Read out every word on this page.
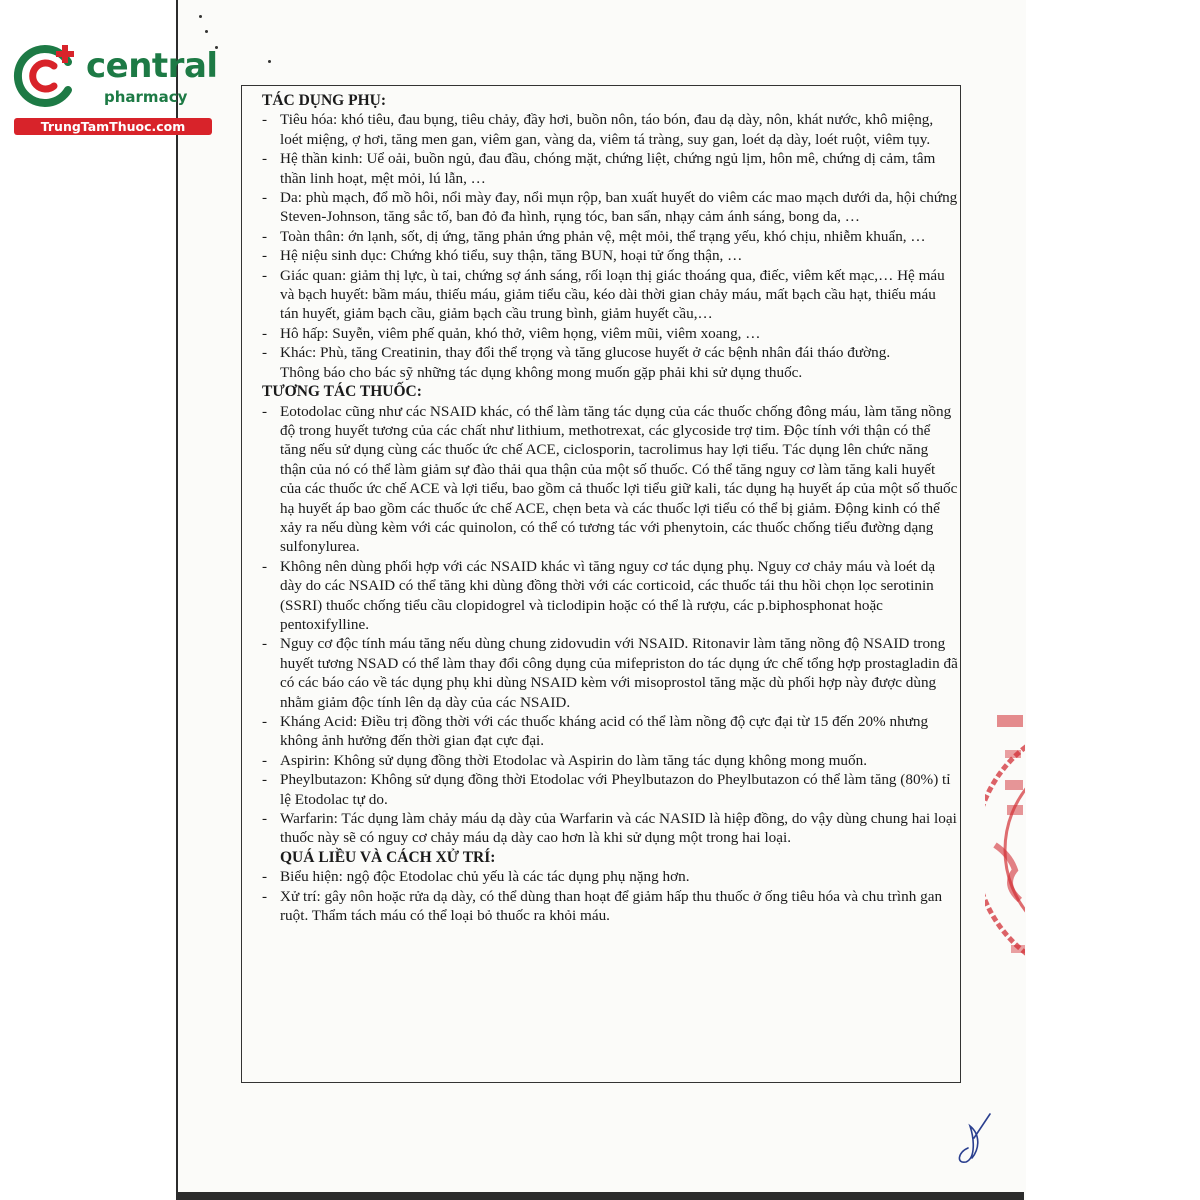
central
pharmacy
TrungTamThuoc.com
TÁC DỤNG PHỤ:
- Tiêu hóa: khó tiêu, đau bụng, tiêu chảy, đầy hơi, buồn nôn, táo bón, đau dạ dày, nôn, khát nước, khô miệng, loét miệng, ợ hơi, tăng men gan, viêm gan, vàng da, viêm tá tràng, suy gan, loét dạ dày, loét ruột, viêm tụy.
- Hệ thần kinh: Uể oải, buồn ngủ, đau đầu, chóng mặt, chứng liệt, chứng ngủ lịm, hôn mê, chứng dị cảm, tâm thần linh hoạt, mệt mỏi, lú lẫn, …
- Da: phù mạch, đổ mồ hôi, nổi mày đay, nổi mụn rộp, ban xuất huyết do viêm các mao mạch dưới da, hội chứng Steven-Johnson, tăng sắc tố, ban đỏ đa hình, rụng tóc, ban sẩn, nhạy cảm ánh sáng, bong da, …
- Toàn thân: ớn lạnh, sốt, dị ứng, tăng phản ứng phản vệ, mệt mỏi, thể trạng yếu, khó chịu, nhiễm khuẩn, …
- Hệ niệu sinh dục: Chứng khó tiểu, suy thận, tăng BUN, hoại tử ống thận, …
- Giác quan: giảm thị lực, ù tai, chứng sợ ánh sáng, rối loạn thị giác thoáng qua, điếc, viêm kết mạc,… Hệ máu và bạch huyết: bầm máu, thiếu máu, giảm tiểu cầu, kéo dài thời gian chảy máu, mất bạch cầu hạt, thiếu máu tán huyết, giảm bạch cầu, giảm bạch cầu trung bình, giảm huyết cầu,…
- Hô hấp: Suyễn, viêm phế quản, khó thở, viêm họng, viêm mũi, viêm xoang, …
- Khác: Phù, tăng Creatinin, thay đổi thể trọng và tăng glucose huyết ở các bệnh nhân đái tháo đường.
Thông báo cho bác sỹ những tác dụng không mong muốn gặp phải khi sử dụng thuốc.
TƯƠNG TÁC THUỐC:
- Eotodolac cũng như các NSAID khác, có thể làm tăng tác dụng của các thuốc chống đông máu, làm tăng nồng độ trong huyết tương của các chất như lithium, methotrexat, các glycoside trợ tim. Độc tính với thận có thể tăng nếu sử dụng cùng các thuốc ức chế ACE, ciclosporin, tacrolimus hay lợi tiểu. Tác dụng lên chức năng thận của nó có thể làm giảm sự đào thải qua thận của một số thuốc. Có thể tăng nguy cơ làm tăng kali huyết của các thuốc ức chế ACE và lợi tiểu, bao gồm cả thuốc lợi tiểu giữ kali, tác dụng hạ huyết áp của một số thuốc hạ huyết áp bao gồm các thuốc ức chế ACE, chẹn beta và các thuốc lợi tiểu có thể bị giảm. Động kinh có thể xảy ra nếu dùng kèm với các quinolon, có thể có tương tác với phenytoin, các thuốc chống tiểu đường dạng sulfonylurea.
- Không nên dùng phối hợp với các NSAID khác vì tăng nguy cơ tác dụng phụ. Nguy cơ chảy máu và loét dạ dày do các NSAID có thể tăng khi dùng đồng thời với các corticoid, các thuốc tái thu hồi chọn lọc serotinin (SSRI) thuốc chống tiểu cầu clopidogrel và ticlodipin hoặc có thể là rượu, các p.biphosphonat hoặc pentoxifylline.
- Nguy cơ độc tính máu tăng nếu dùng chung zidovudin với NSAID. Ritonavir làm tăng nồng độ NSAID trong huyết tương NSAD có thể làm thay đổi công dụng của mifepriston do tác dụng ức chế tổng hợp prostagladin đã có các báo cáo về tác dụng phụ khi dùng NSAID kèm với misoprostol tăng mặc dù phối hợp này được dùng nhằm giảm độc tính lên dạ dày của các NSAID.
- Kháng Acid: Điều trị đồng thời với các thuốc kháng acid có thể làm nồng độ cực đại từ 15 đến 20% nhưng không ảnh hưởng đến thời gian đạt cực đại.
- Aspirin: Không sử dụng đồng thời Etodolac và Aspirin do làm tăng tác dụng không mong muốn.
- Pheylbutazon: Không sử dụng đồng thời Etodolac với Pheylbutazon do Pheylbutazon có thể làm tăng (80%) tỉ lệ Etodolac tự do.
- Warfarin: Tác dụng làm chảy máu dạ dày của Warfarin và các NASID là hiệp đồng, do vậy dùng chung hai loại thuốc này sẽ có nguy cơ chảy máu dạ dày cao hơn là khi sử dụng một trong hai loại.
QUÁ LIỀU VÀ CÁCH XỬ TRÍ:
- Biểu hiện: ngộ độc Etodolac chủ yếu là các tác dụng phụ nặng hơn.
- Xử trí: gây nôn hoặc rửa dạ dày, có thể dùng than hoạt để giảm hấp thu thuốc ở ống tiêu hóa và chu trình gan ruột. Thẩm tách máu có thể loại bỏ thuốc ra khỏi máu.
